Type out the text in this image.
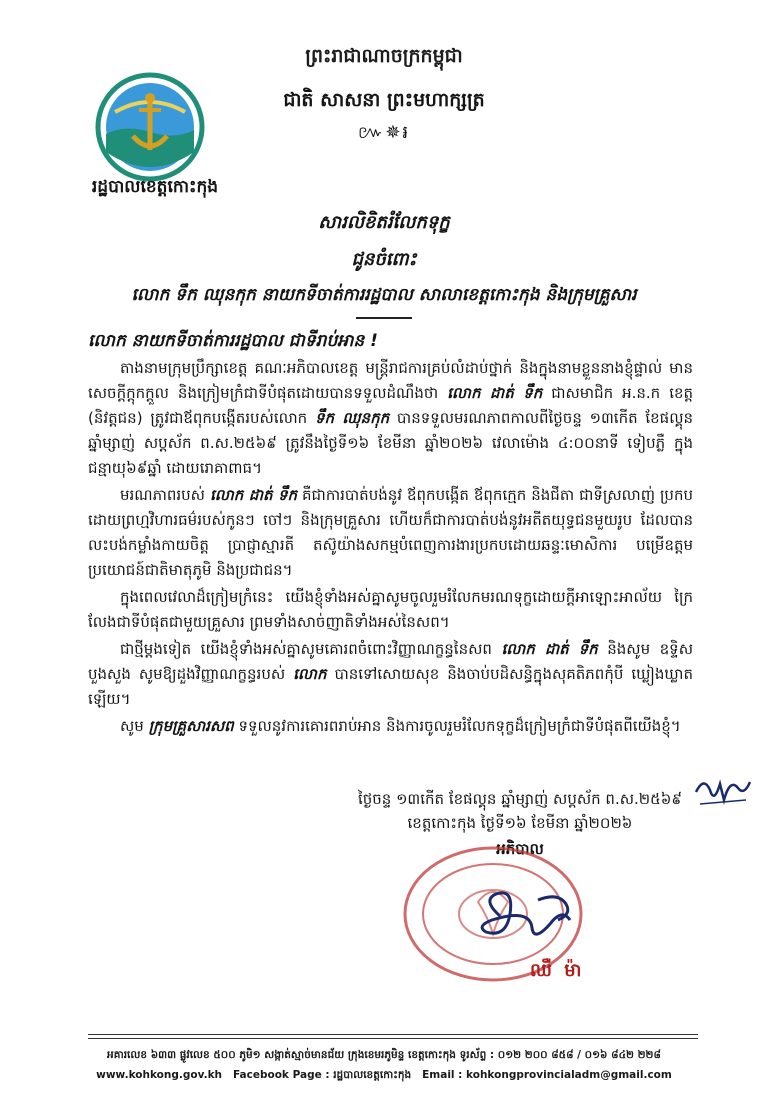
ព្រះរាជាណាចក្រកម្ពុជា
ជាតិ សាសនា ព្រះមហាក្សត្រ
៚✵៛
រដ្ឋបាលខេត្តកោះកុង
សារលិខិតរំលែកទុក្ខ
ជូនចំពោះ
លោក ទឹក ឈុនកុក នាយកទីចាត់ការរដ្ឋបាល សាលាខេត្តកោះកុង និងក្រុមគ្រួសារ
លោក នាយកទីចាត់ការរដ្ឋបាល ជាទីរាប់អាន !

តាងនាមក្រុមប្រឹក្សាខេត្ត គណៈអភិបាលខេត្ត មន្ត្រីរាជការគ្រប់លំដាប់ថ្នាក់ និងក្នុងនាមខ្លួននាងខ្ញុំផ្ទាល់ មានសេចក្តីក្តុកក្តួល និងក្រៀមក្រំជាទីបំផុតដោយបានទទួលដំណឹងថា លោក ដាត់ ទឹក ជាសមាជិក អ.ន.ក ខេត្ត (និវត្តជន) ត្រូវជាឪពុកបង្កើតរបស់លោក ទឹក ឈុនកុក បានទទួលមរណភាពកាលពីថ្ងៃចន្ទ ១៣កើត ខែផល្គុន ឆ្នាំម្សាញ់ សប្តស័ក ព.ស.២៥៦៩ ត្រូវនឹងថ្ងៃទី១៦ ខែមីនា ឆ្នាំ២០២៦ វេលាម៉ោង ៤:០០នាទី ទៀបភ្លឺ ក្នុងជន្មាយុ៦៩ឆ្នាំ ដោយរោគាពាធ។

មរណភាពរបស់ លោក ដាត់ ទឹក គឺជាការបាត់បង់នូវ ឪពុកបង្កើត ឪពុកក្មេក និងជីតា ជាទីស្រលាញ់ ប្រកបដោយព្រហ្មវិហារធម៌របស់កូនៗ ចៅៗ និងក្រុមគ្រួសារ ហើយក៏ជាការបាត់បង់នូវអតីតយុទ្ធជនមួយរូប ដែលបានលះបង់កម្លាំងកាយចិត្ត ប្រាជ្ញាស្មារតី តស៊ូយ៉ាងសកម្មបំពេញការងារប្រកបដោយឆន្ទៈមោសិការ បម្រើឧត្តមប្រយោជន៍ជាតិមាតុភូមិ និងប្រជាជន។

ក្នុងពេលវេលាដ៏ក្រៀមក្រំនេះ យើងខ្ញុំទាំងអស់គ្នាសូមចូលរួមរំលែកមរណទុក្ខដោយក្តីអាឡោះអាល័យ ក្រៃលែងជាទីបំផុតជាមួយគ្រួសារ ព្រមទាំងសាច់ញាតិទាំងអស់នៃសព។

ជាថ្មីម្តងទៀត យើងខ្ញុំទាំងអស់គ្នាសូមគោរពចំពោះវិញ្ញាណក្ខន្ធនៃសព លោក ដាត់ ទឹក និងសូម ឧទ្ទិសបួងសួង សូមឱ្យដួងវិញ្ញាណក្ខន្ធរបស់ លោក បានទៅសោយសុខ និងចាប់បដិសន្ធិក្នុងសុគតិភពកុំបី ឃ្លៀងឃ្លាតឡើយ។

សូម ក្រុមគ្រួសារសព ទទួលនូវការគោរពរាប់អាន និងការចូលរួមរំលែកទុក្ខដ៏ក្រៀមក្រំជាទីបំផុតពីយើងខ្ញុំ។

ថ្ងៃចន្ទ ១៣កើត ខែផល្គុន ឆ្នាំម្សាញ់ សប្តស័ក ព.ស.២៥៦៩
ខេត្តកោះកុង ថ្ងៃទី១៦ ខែមីនា ឆ្នាំ២០២៦
អភិបាល
ឈឺ ម៉ា
អគារលេខ ៦៣៣ ផ្លូវលេខ ៥០០ ភូមិ១ សង្កាត់ស្មាច់មានជ័យ ក្រុងខេមរភូមិន្ទ ខេត្តកោះកុង ទូរស័ព្ទ : ០១២ ២០០ ៨៥៨ / ០១៦ ៨៤២ ២២៨
www.kohkong.gov.kh Facebook Page : រដ្ឋបាលខេត្តកោះកុង Email : kohkongprovincialadm@gmail.com
